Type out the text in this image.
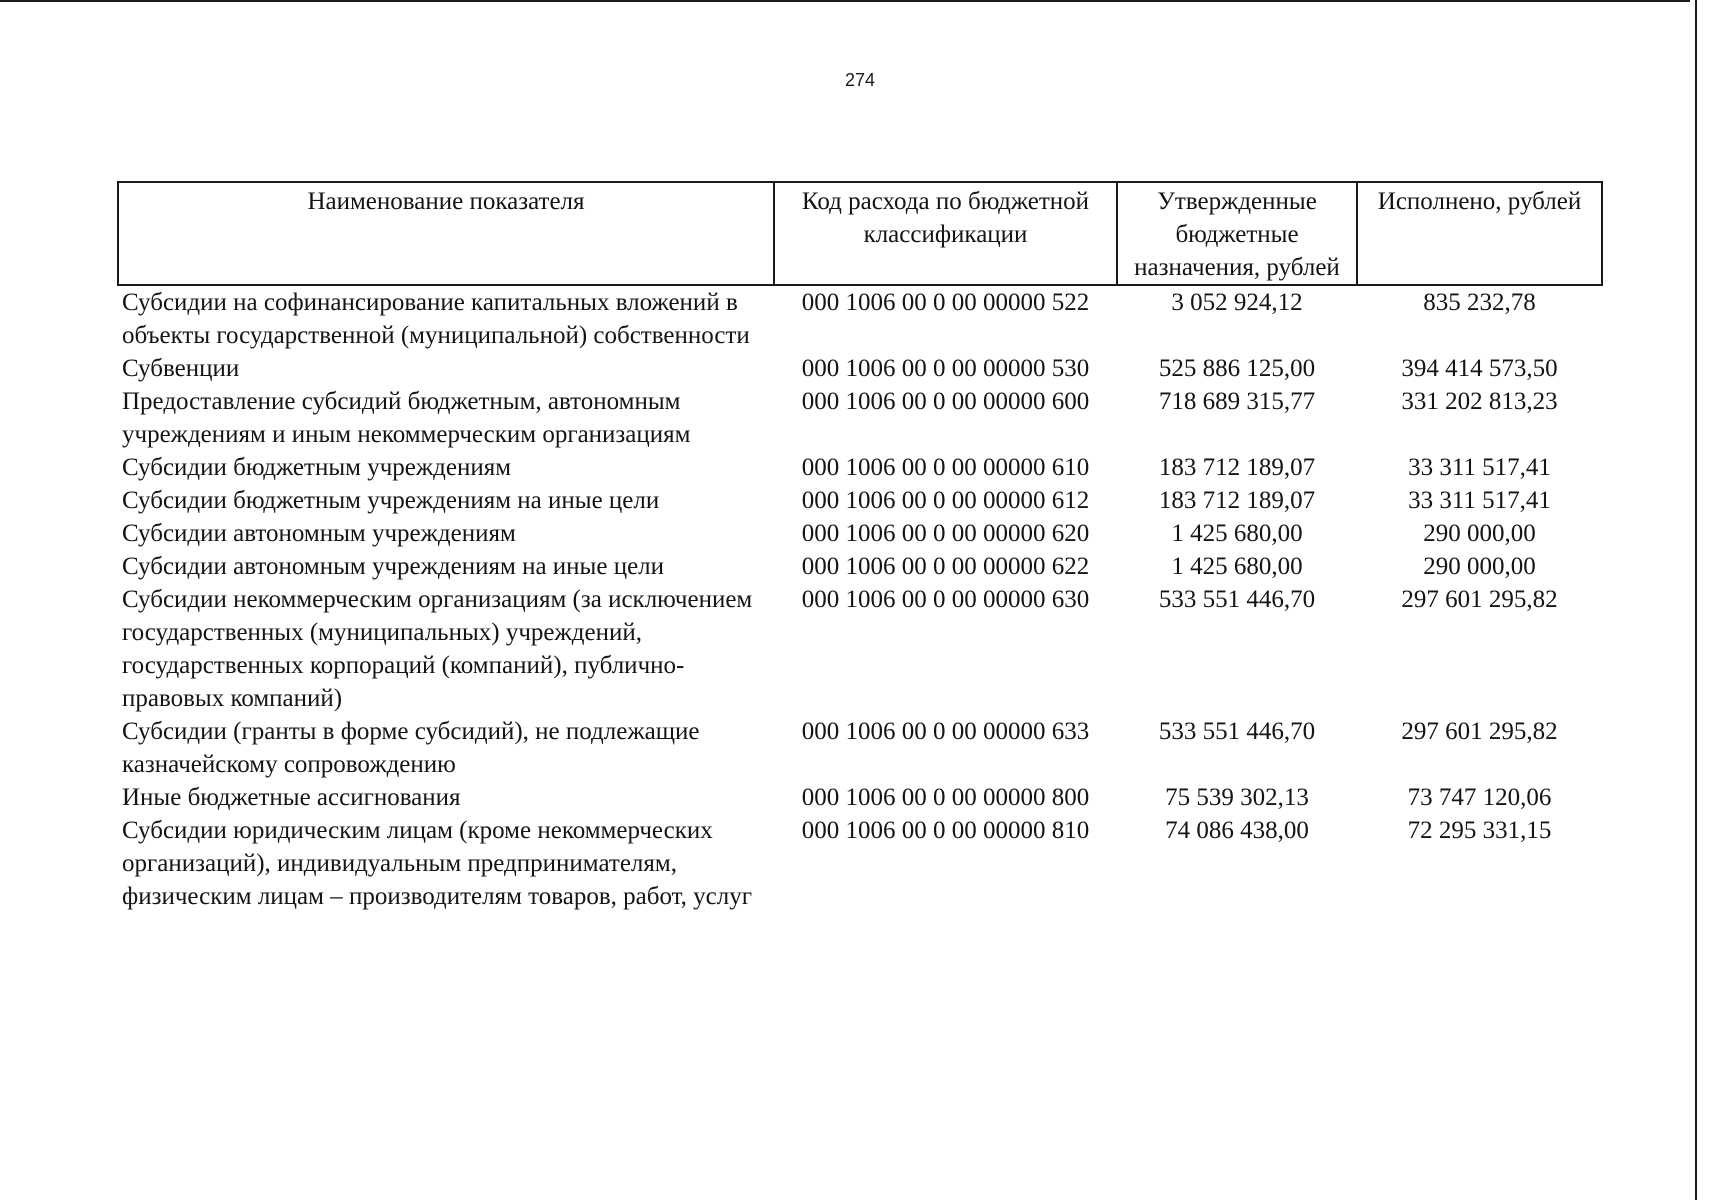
274
Наименование показателя	Код расхода по бюджетной классификации	Утвержденные бюджетные назначения, рублей	Исполнено, рублей
Субсидии на софинансирование капитальных вложений в объекты государственной (муниципальной) собственности	000 1006 00 0 00 00000 522	3 052 924,12	835 232,78
Субвенции	000 1006 00 0 00 00000 530	525 886 125,00	394 414 573,50
Предоставление субсидий бюджетным, автономным учреждениям и иным некоммерческим организациям	000 1006 00 0 00 00000 600	718 689 315,77	331 202 813,23
Субсидии бюджетным учреждениям	000 1006 00 0 00 00000 610	183 712 189,07	33 311 517,41
Субсидии бюджетным учреждениям на иные цели	000 1006 00 0 00 00000 612	183 712 189,07	33 311 517,41
Субсидии автономным учреждениям	000 1006 00 0 00 00000 620	1 425 680,00	290 000,00
Субсидии автономным учреждениям на иные цели	000 1006 00 0 00 00000 622	1 425 680,00	290 000,00
Субсидии некоммерческим организациям (за исключением государственных (муниципальных) учреждений, государственных корпораций (компаний), публично-правовых компаний)	000 1006 00 0 00 00000 630	533 551 446,70	297 601 295,82
Субсидии (гранты в форме субсидий), не подлежащие казначейскому сопровождению	000 1006 00 0 00 00000 633	533 551 446,70	297 601 295,82
Иные бюджетные ассигнования	000 1006 00 0 00 00000 800	75 539 302,13	73 747 120,06
Субсидии юридическим лицам (кроме некоммерческих организаций), индивидуальным предпринимателям, физическим лицам – производителям товаров, работ, услуг	000 1006 00 0 00 00000 810	74 086 438,00	72 295 331,15
